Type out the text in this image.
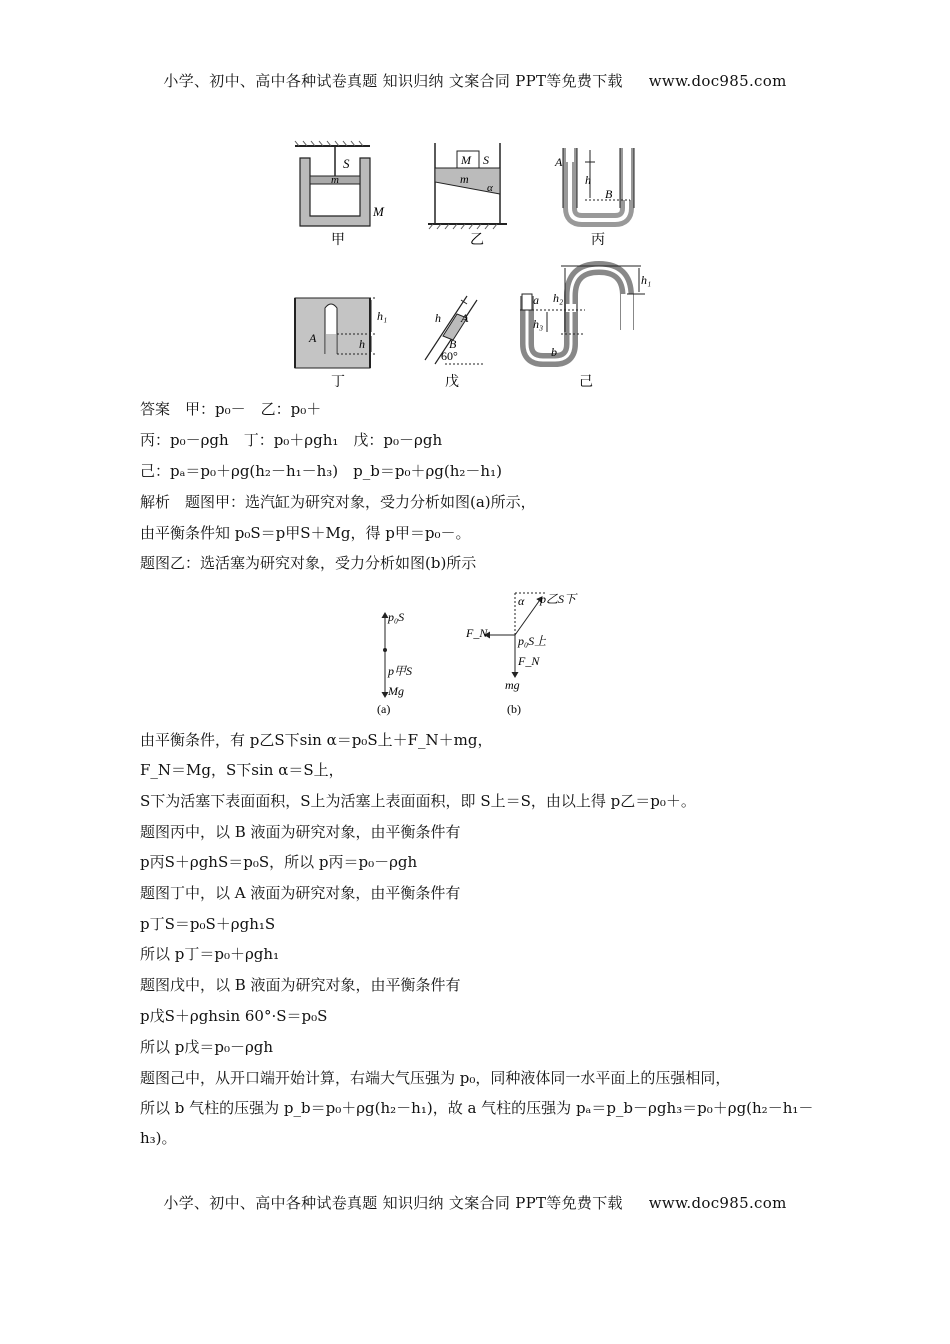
小学、初中、高中各种试卷真题 知识归纳 文案合同 PPT等免费下载 www.doc985.com
S
m
M
甲
M S
m
α
乙
A
h
B
丙
A	h
h₁
丁
h A
B
60°
戊
a h₂
h₃
b
h₁
己
答案　甲：p₀－　乙：p₀＋
丙：p₀－ρgh　丁：p₀＋ρgh₁　戊：p₀－ρgh
己：pₐ＝p₀＋ρg(h₂－h₁－h₃)　p_b＝p₀＋ρg(h₂－h₁)
解析　题图甲：选汽缸为研究对象，受力分析如图(a)所示，
由平衡条件知 p₀S＝p甲S＋Mg，得 p甲＝p₀－。
题图乙：选活塞为研究对象，受力分析如图(b)所示
p₀S
p甲S
Mg
(a)
α p乙S下
F_N
p₀S上
F_N
mg
(b)
由平衡条件，有 p乙S下sin α＝p₀S上＋F_N＋mg，
F_N＝Mg，S下sin α＝S上，
S下为活塞下表面面积，S上为活塞上表面面积，即 S上＝S，由以上得 p乙＝p₀＋。
题图丙中，以 B 液面为研究对象，由平衡条件有
p丙S＋ρghS＝p₀S，所以 p丙＝p₀－ρgh
题图丁中，以 A 液面为研究对象，由平衡条件有
p丁S＝p₀S＋ρgh₁S
所以 p丁＝p₀＋ρgh₁
题图戊中，以 B 液面为研究对象，由平衡条件有
p戊S＋ρghsin 60°·S＝p₀S
所以 p戊＝p₀－ρgh
题图己中，从开口端开始计算，右端大气压强为 p₀，同种液体同一水平面上的压强相同，
所以 b 气柱的压强为 p_b＝p₀＋ρg(h₂－h₁)，故 a 气柱的压强为 pₐ＝p_b－ρgh₃＝p₀＋ρg(h₂－h₁－
h₃)。
小学、初中、高中各种试卷真题 知识归纳 文案合同 PPT等免费下载 www.doc985.com
